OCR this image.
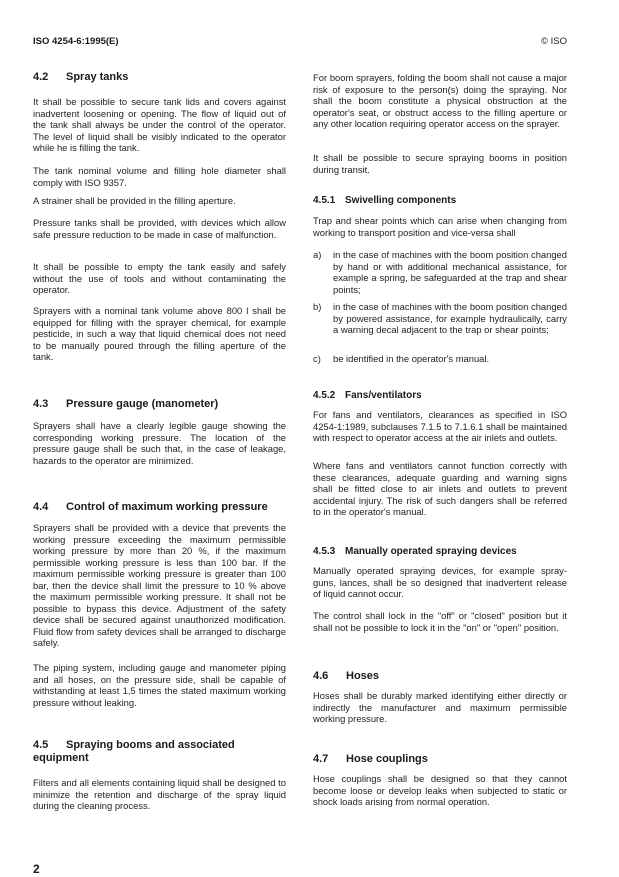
ISO 4254-6:1995(E)	© ISO
4.2 Spray tanks
It shall be possible to secure tank lids and covers against inadvertent loosening or opening. The flow of liquid out of the tank shall always be under the control of the operator. The level of liquid shall be visibly indicated to the operator while he is filling the tank.
The tank nominal volume and filling hole diameter shall comply with ISO 9357.
A strainer shall be provided in the filling aperture.
Pressure tanks shall be provided, with devices which allow safe pressure reduction to be made in case of malfunction.
It shall be possible to empty the tank easily and safely without the use of tools and without contaminating the operator.
Sprayers with a nominal tank volume above 800 l shall be equipped for filling with the sprayer chemical, for example pesticide, in such a way that liquid chemical does not need to be manually poured through the filling aperture of the tank.
4.3 Pressure gauge (manometer)
Sprayers shall have a clearly legible gauge showing the corresponding working pressure. The location of the pressure gauge shall be such that, in the case of leakage, hazards to the operator are minimized.
4.4 Control of maximum working pressure
Sprayers shall be provided with a device that prevents the working pressure exceeding the maximum permissible working pressure by more than 20 %, if the maximum permissible working pressure is less than 100 bar. If the maximum permissible working pressure is greater than 100 bar, then the device shall limit the pressure to 10 % above the maximum permissible working pressure. It shall not be possible to bypass this device. Adjustment of the safety device shall be secured against unauthorized modification. Fluid flow from safety devices shall be arranged to discharge safely.
The piping system, including gauge and manometer piping and all hoses, on the pressure side, shall be capable of withstanding at least 1,5 times the stated maximum working pressure without leaking.
4.5 Spraying booms and associated equipment
Filters and all elements containing liquid shall be designed to minimize the retention and discharge of the spray liquid during the cleaning process.
2
For boom sprayers, folding the boom shall not cause a major risk of exposure to the person(s) doing the spraying. Nor shall the boom constitute a physical obstruction at the operator's seat, or obstruct access to the filling aperture or any other location requiring operator access on the sprayer.
It shall be possible to secure spraying booms in position during transit.
4.5.1 Swivelling components
Trap and shear points which can arise when changing from working to transport position and vice-versa shall
a)	in the case of machines with the boom position changed by hand or with additional mechanical assistance, for example a spring, be safeguarded at the trap and shear points;
b)	in the case of machines with the boom position changed by powered assistance, for example hydraulically, carry a warning decal adjacent to the trap or shear points;
c)	be identified in the operator's manual.
4.5.2 Fans/ventilators
For fans and ventilators, clearances as specified in ISO 4254-1:1989, subclauses 7.1.5 to 7.1.6.1 shall be maintained with respect to operator access at the air inlets and outlets.
Where fans and ventilators cannot function correctly with these clearances, adequate guarding and warning signs shall be fitted close to air inlets and outlets to prevent accidental injury. The risk of such dangers shall be referred to in the operator's manual.
4.5.3 Manually operated spraying devices
Manually operated spraying devices, for example spray-guns, lances, shall be so designed that inadvertent release of liquid cannot occur.
The control shall lock in the "off" or "closed" position but it shall not be possible to lock it in the "on" or "open" position.
4.6 Hoses
Hoses shall be durably marked identifying either directly or indirectly the manufacturer and maximum permissible working pressure.
4.7 Hose couplings
Hose couplings shall be designed so that they cannot become loose or develop leaks when subjected to static or shock loads arising from normal operation.
